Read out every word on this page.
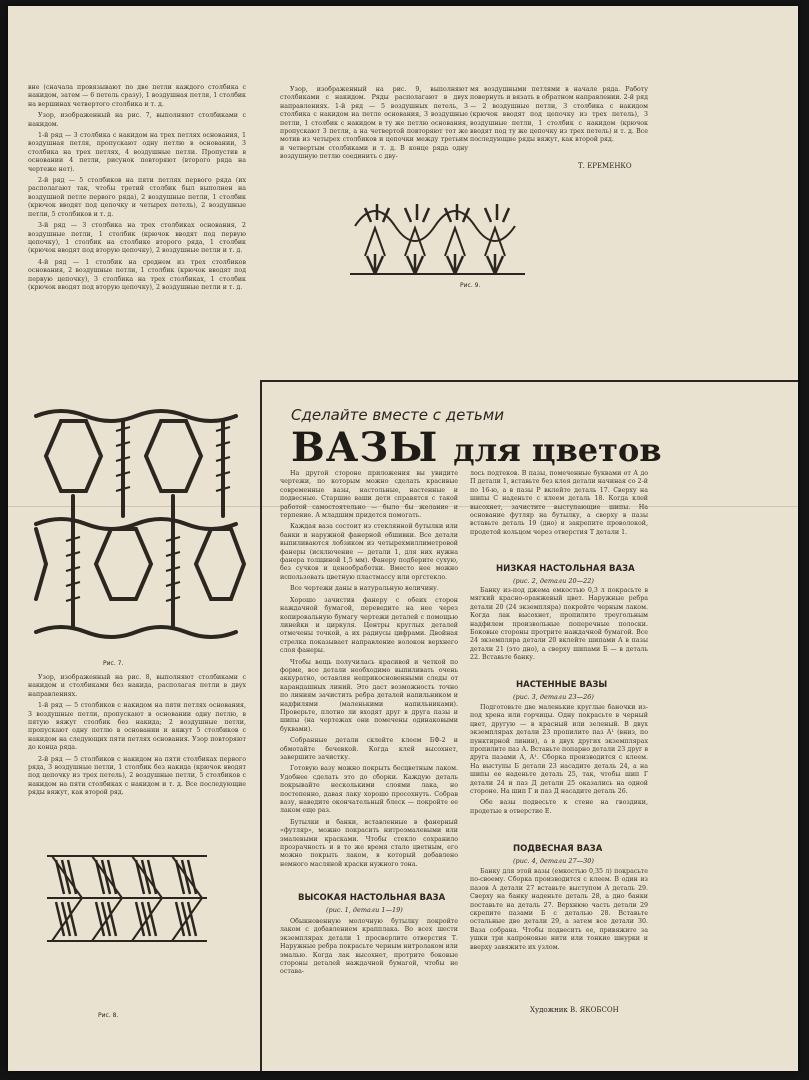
вне (сначала провязывают по две петли каждого столбика с накидом, затем — 6 петель сразу), 1 воздушная петля, 1 столбик на вершинах четвертого столбика и т. д.

Узор, изображенный на рис. 7, выполняют столбиками с накидом.

1-й ряд — 3 столбика с накидом на трех петлях основания, 1 воздушная петля, пропускают одну петлю в основании, 3 столбика на трех петлях, 4 воздушные петли. Пропустив в основании 4 петли, рисунок повторяют (второго ряда на чертеже нет).

2-й ряд — 5 столбиков на пяти петлях первого ряда (их располагают так, чтобы третий столбик был выполнен на воздушной петле первого ряда), 2 воздушные петли, 1 столбик (крючок вводят под цепочку и четырех петель), 2 воздушные петли, 5 столбиков и т. д.

3-й ряд — 3 столбика на трех столбиках основания, 2 воздушные петли, 1 столбик (крючок вводят под первую цепочку), 1 столбик на столбике второго ряда, 1 столбик (крючок вводят под вторую цепочку), 2 воздушные петли и т. д.

4-й ряд — 1 столбик на среднем из трех столбиков основания, 2 воздушные петли, 1 столбик (крючок вводят под первую цепочку), 3 столбика на трех столбиках, 1 столбик (крючок вводят под вторую цепочку), 2 воздушные петли и т. д.

Рис. 7.

Узор, изображенный на рис. 8, выполняют столбиками с накидом и столбиками без накида, располагая петли в двух направлениях.

1-й ряд — 5 столбиков с накидом на пяти петлях основания, 3 воздушные петли, пропускают в основании одну петлю, в пятую вяжут столбик без накида; 2 воздушные петли, пропускают одну петлю в основании и вяжут 5 столбиков с накидом на следующих пяти петлях основания. Узор повторяют до конца ряда.

2-й ряд — 5 столбиков с накидом на пяти столбиках первого ряда, 3 воздушные петли, 1 столбик без накида (крючок вводят под цепочку из трех петель), 2 воздушные петли, 5 столбиков с накидом на пяти столбиках с накидом и т. д. Все последующие ряды вяжут, как второй ряд.

Рис. 8.

Узор, изображенный на рис. 9, выполняют столбиками с накидом. Ряды располагают в двух направлениях. 1-й ряд — 5 воздушных петель, 3 столбика с накидом на петле основания, 3 воздушные петли, 1 столбик с накидом в ту же петлю основания, пропускают 3 петли, а на четвертой повторяют тот же мотив из четырех столбиков и цепочки между третьим и четвертым столбиками и т. д. В конце ряда одну воздушную петлю соединить с дву-

мя воздушными петлями в начале ряда. Работу повернуть и вязать в обратном направлении. 2-й ряд — 2 воздушные петли, 3 столбика с накидом (крючок вводят под цепочку из трех петель), 3 воздушные петли, 1 столбик с накидом (крючок вводят под ту же цепочку из трех петель) и т. д. Все последующие ряды вяжут, как второй ряд.

Т. ЕРЕМЕНКО
Рис. 9.
Сделайте вместе с детьми
ВАЗЫ для цветов

На другой стороне приложения вы увидите чертежи, по которым можно сделать красивые современные вазы, настольные, настенные и подвесные. Старшие ваши дети справятся с такой работой самостоятельно — было бы желание и терпение. А младшим придется помогать.

Каждая ваза состоит из стеклянной бутылки или банки и наружной фанерной обшивки. Все детали выпиливаются лобзиком из четырехмиллиметровой фанеры (исключение — детали 1, для них нужна фанера толщиной 1,5 мм). Фанеру подберите сухую, без сучков и ценообработки. Вместо нее можно использовать цветную пластмассу или оргстекло.

Все чертежи даны в натуральную величину.

Хорошо зачистив фанеру с обеих сторон наждачной бумагой, переведите на нее через копировальную бумагу чертежи деталей с помощью линейки и циркуля. Центры круглых деталей отмечены точкой, а их радиусы цифрами. Двойная стрелка показывает направление волокон верхнего слоя фанеры.

Чтобы вещь получилась красивой и четкой по форме, все детали необходимо выпиливать очень аккуратно, оставляя неприкосновенными следы от карандашных линий. Это даст возможность точно по линиям зачистить ребра деталей напильником и надфилями (маленькими напильниками). Проверьте, плотно ли входят друг в друга пазы и шипы (на чертежах они помечены одинаковыми буквами).

Собранные детали склейте клеем БФ-2 и обмотайте бечевкой. Когда клей высохнет, завершите зачистку.

Готовую вазу можно покрыть бесцветным лаком. Удобнее сделать это до сборки. Каждую деталь покрывайте несколькими слоями лака, но постепенно, давая лаку хорошо просохнуть. Собрав вазу, наведите окончательный блеск — покройте ее лаком еще раз.

Бутылки и банки, вставленные в фанерный «футляр», можно покрасить нитроэмалевыми или эмалевыми красками. Чтобы стекло сохранило прозрачность и в то же время стало цветным, его можно покрыть лаком, в который добавлено немного масляной краски нужного тона.

ВЫСОКАЯ НАСТОЛЬНАЯ ВАЗА
(рис. 1, детали 1—19)

Обыкновенную молочную бутылку покройте лаком с добавлением крапплака. Во всех шести экземплярах детали 1 просверлите отверстия Т. Наружные ребра покрасьте черным нитролаком или эмалью. Когда лак высохнет, протрите боковые стороны деталей наждачной бумагой, чтобы не остава-

лось подтеков. В пазы, помеченные буквами от А до П детали 1, вставьте без клея детали начиная со 2-й по 16-ю, а в пазы Р вклейте деталь 17. Сверху на шипы С наденьте с клеем деталь 18. Когда клей высохнет, зачистите выступающие шипы. На основание футляр на бутылку, а сверху в пазы вставьте деталь 19 (дно) и закрепите проволокой, продетой кольцом через отверстия Т детали 1.

НИЗКАЯ НАСТОЛЬНАЯ ВАЗА
(рис. 2, детали 20—22)

Банку из-под джема емкостью 0,3 л покрасьте в мягкий красно-оранжевый цвет. Наружные ребра детали 20 (24 экземпляра) покройте черным лаком. Когда лак высохнет, пропилите треугольным надфилем произвольные поперечные полоски. Боковые стороны протрите наждачной бумагой. Все 24 экземпляра детали 20 вклейте шипами А в пазы детали 21 (это дно), а сверху шипами Б — в деталь 22. Вставьте банку.

НАСТЕННЫЕ ВАЗЫ
(рис. 3, детали 23—26)

Подготовьте две маленькие круглые баночки из-под хрена или горчицы. Одну покрасьте в черный цвет, другую — в красный или зеленый. В двух экземплярах детали 23 пропилите паз А¹ (вниз, по пунктирной линии), а в двух других экземплярах пропилите паз А. Вставьте попарно детали 23 друг в друга пазами А, А¹. Сборка производится с клеем. На выступы Б детали 23 насадите деталь 24, а на шипы ее наденьте деталь 25, так, чтобы шип Г детали 24 и паз Д детали 25 оказались на одной стороне. На шип Г и паз Д насадите деталь 26.

Обе вазы подвесьте к стене на гвоздики, продетые в отверстие Е.

ПОДВЕСНАЯ ВАЗА
(рис. 4, детали 27—30)

Банку для этой вазы (емкостью 0,35 л) покрасьте по-своему. Сборка производится с клеем. В один из пазов А детали 27 вставьте выступом А деталь 29. Сверху на банку наденьте деталь 28, а дно банки поставьте на деталь 27. Верхнюю часть детали 29 скрепите пазами Б с деталью 28. Вставьте остальные две детали 29, а затем все детали 30. Ваза собрана. Чтобы подвесить ее, привяжите за ушки три капроновые нити или тонкие шнурки и вверху завяжите их узлом.

Художник В. ЯКОБСОН
